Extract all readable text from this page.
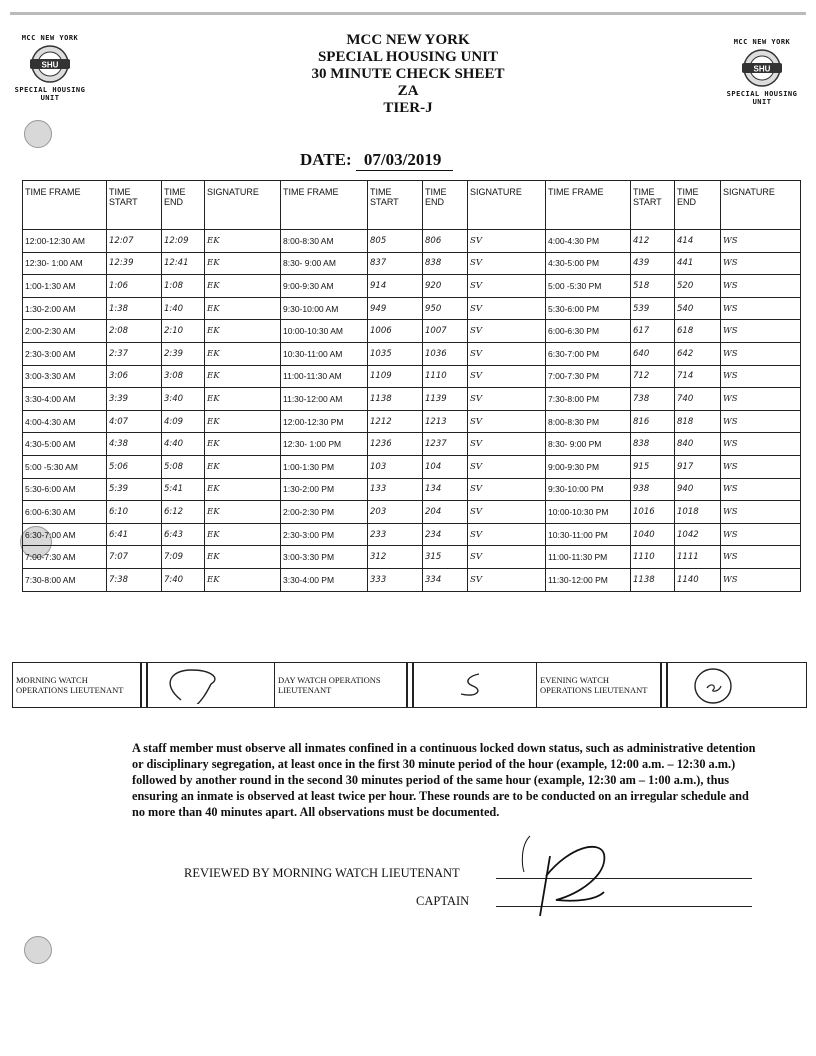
MCC NEW YORK
SHU
SPECIAL HOUSING UNIT
MCC NEW YORK
SHU
SPECIAL HOUSING UNIT
MCC NEW YORK
SPECIAL HOUSING UNIT
30 MINUTE CHECK SHEET
ZA
TIER-J
DATE: 07/03/2019
TIME FRAME	TIME START	TIME END	SIGNATURE	TIME FRAME	TIME START	TIME END	SIGNATURE	TIME FRAME	TIME START	TIME END	SIGNATURE
12:00-12:30 AM	12:07	12:09	EK	8:00-8:30 AM	805	806	SV	4:00-4:30 PM	412	414	WS
12:30- 1:00 AM	12:39	12:41	EK	8:30- 9:00 AM	837	838	SV	4:30-5:00 PM	439	441	WS
1:00-1:30 AM	1:06	1:08	EK	9:00-9:30 AM	914	920	SV	5:00 -5:30 PM	518	520	WS
1:30-2:00 AM	1:38	1:40	EK	9:30-10:00 AM	949	950	SV	5:30-6:00 PM	539	540	WS
2:00-2:30 AM	2:08	2:10	EK	10:00-10:30 AM	1006	1007	SV	6:00-6:30 PM	617	618	WS
2:30-3:00 AM	2:37	2:39	EK	10:30-11:00 AM	1035	1036	SV	6:30-7:00 PM	640	642	WS
3:00-3:30 AM	3:06	3:08	EK	11:00-11:30 AM	1109	1110	SV	7:00-7:30 PM	712	714	WS
3:30-4:00 AM	3:39	3:40	EK	11:30-12:00 AM	1138	1139	SV	7:30-8:00 PM	738	740	WS
4:00-4:30 AM	4:07	4:09	EK	12:00-12:30 PM	1212	1213	SV	8:00-8:30 PM	816	818	WS
4:30-5:00 AM	4:38	4:40	EK	12:30- 1:00 PM	1236	1237	SV	8:30- 9:00 PM	838	840	WS
5:00 -5:30 AM	5:06	5:08	EK	1:00-1:30 PM	103	104	SV	9:00-9:30 PM	915	917	WS
5:30-6:00 AM	5:39	5:41	EK	1:30-2:00 PM	133	134	SV	9:30-10:00 PM	938	940	WS
6:00-6:30 AM	6:10	6:12	EK	2:00-2:30 PM	203	204	SV	10:00-10:30 PM	1016	1018	WS
6:30-7:00 AM	6:41	6:43	EK	2:30-3:00 PM	233	234	SV	10:30-11:00 PM	1040	1042	WS
7:00-7:30 AM	7:07	7:09	EK	3:00-3:30 PM	312	315	SV	11:00-11:30 PM	1110	1111	WS
7:30-8:00 AM	7:38	7:40	EK	3:30-4:00 PM	333	334	SV	11:30-12:00 PM	1138	1140	WS
MORNING WATCH OPERATIONS LIEUTENANT			DAY WATCH OPERATIONS LIEUTENANT			EVENING WATCH OPERATIONS LIEUTENANT		
A staff member must observe all inmates confined in a continuous locked down status, such as administrative detention or disciplinary segregation, at least once in the first 30 minute period of the hour (example, 12:00 a.m. – 12:30 a.m.) followed by another round in the second 30 minutes period of the same hour (example, 12:30 am – 1:00 a.m.), thus ensuring an inmate is observed at least twice per hour. These rounds are to be conducted on an irregular schedule and no more than 40 minutes apart. All observations must be documented.
REVIEWED BY MORNING WATCH LIEUTENANT
CAPTAIN
